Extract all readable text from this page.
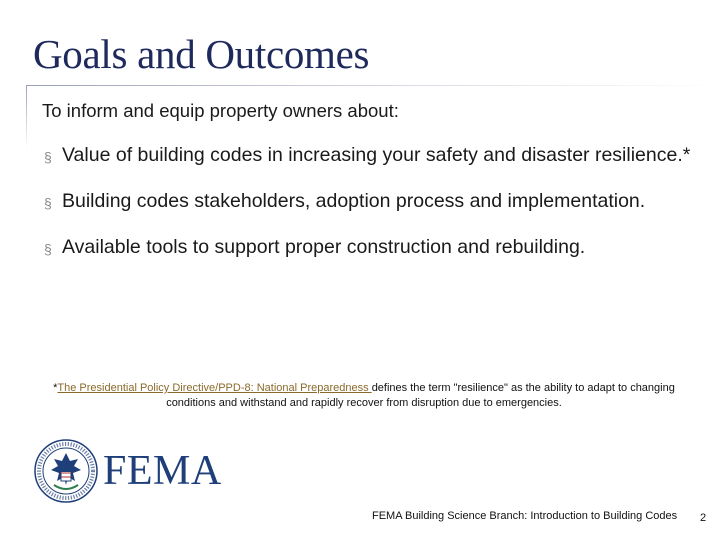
Goals and Outcomes
To inform and equip property owners about:
§ Value of building codes in increasing your safety and disaster resilience.*
§ Building codes stakeholders, adoption process and implementation.
§ Available tools to support proper construction and rebuilding.
*The Presidential Policy Directive/PPD-8: National Preparedness defines the term "resilience" as the ability to adapt to changing conditions and withstand and rapidly recover from disruption due to emergencies.
FEMA
FEMA Building Science Branch: Introduction to Building Codes 2
